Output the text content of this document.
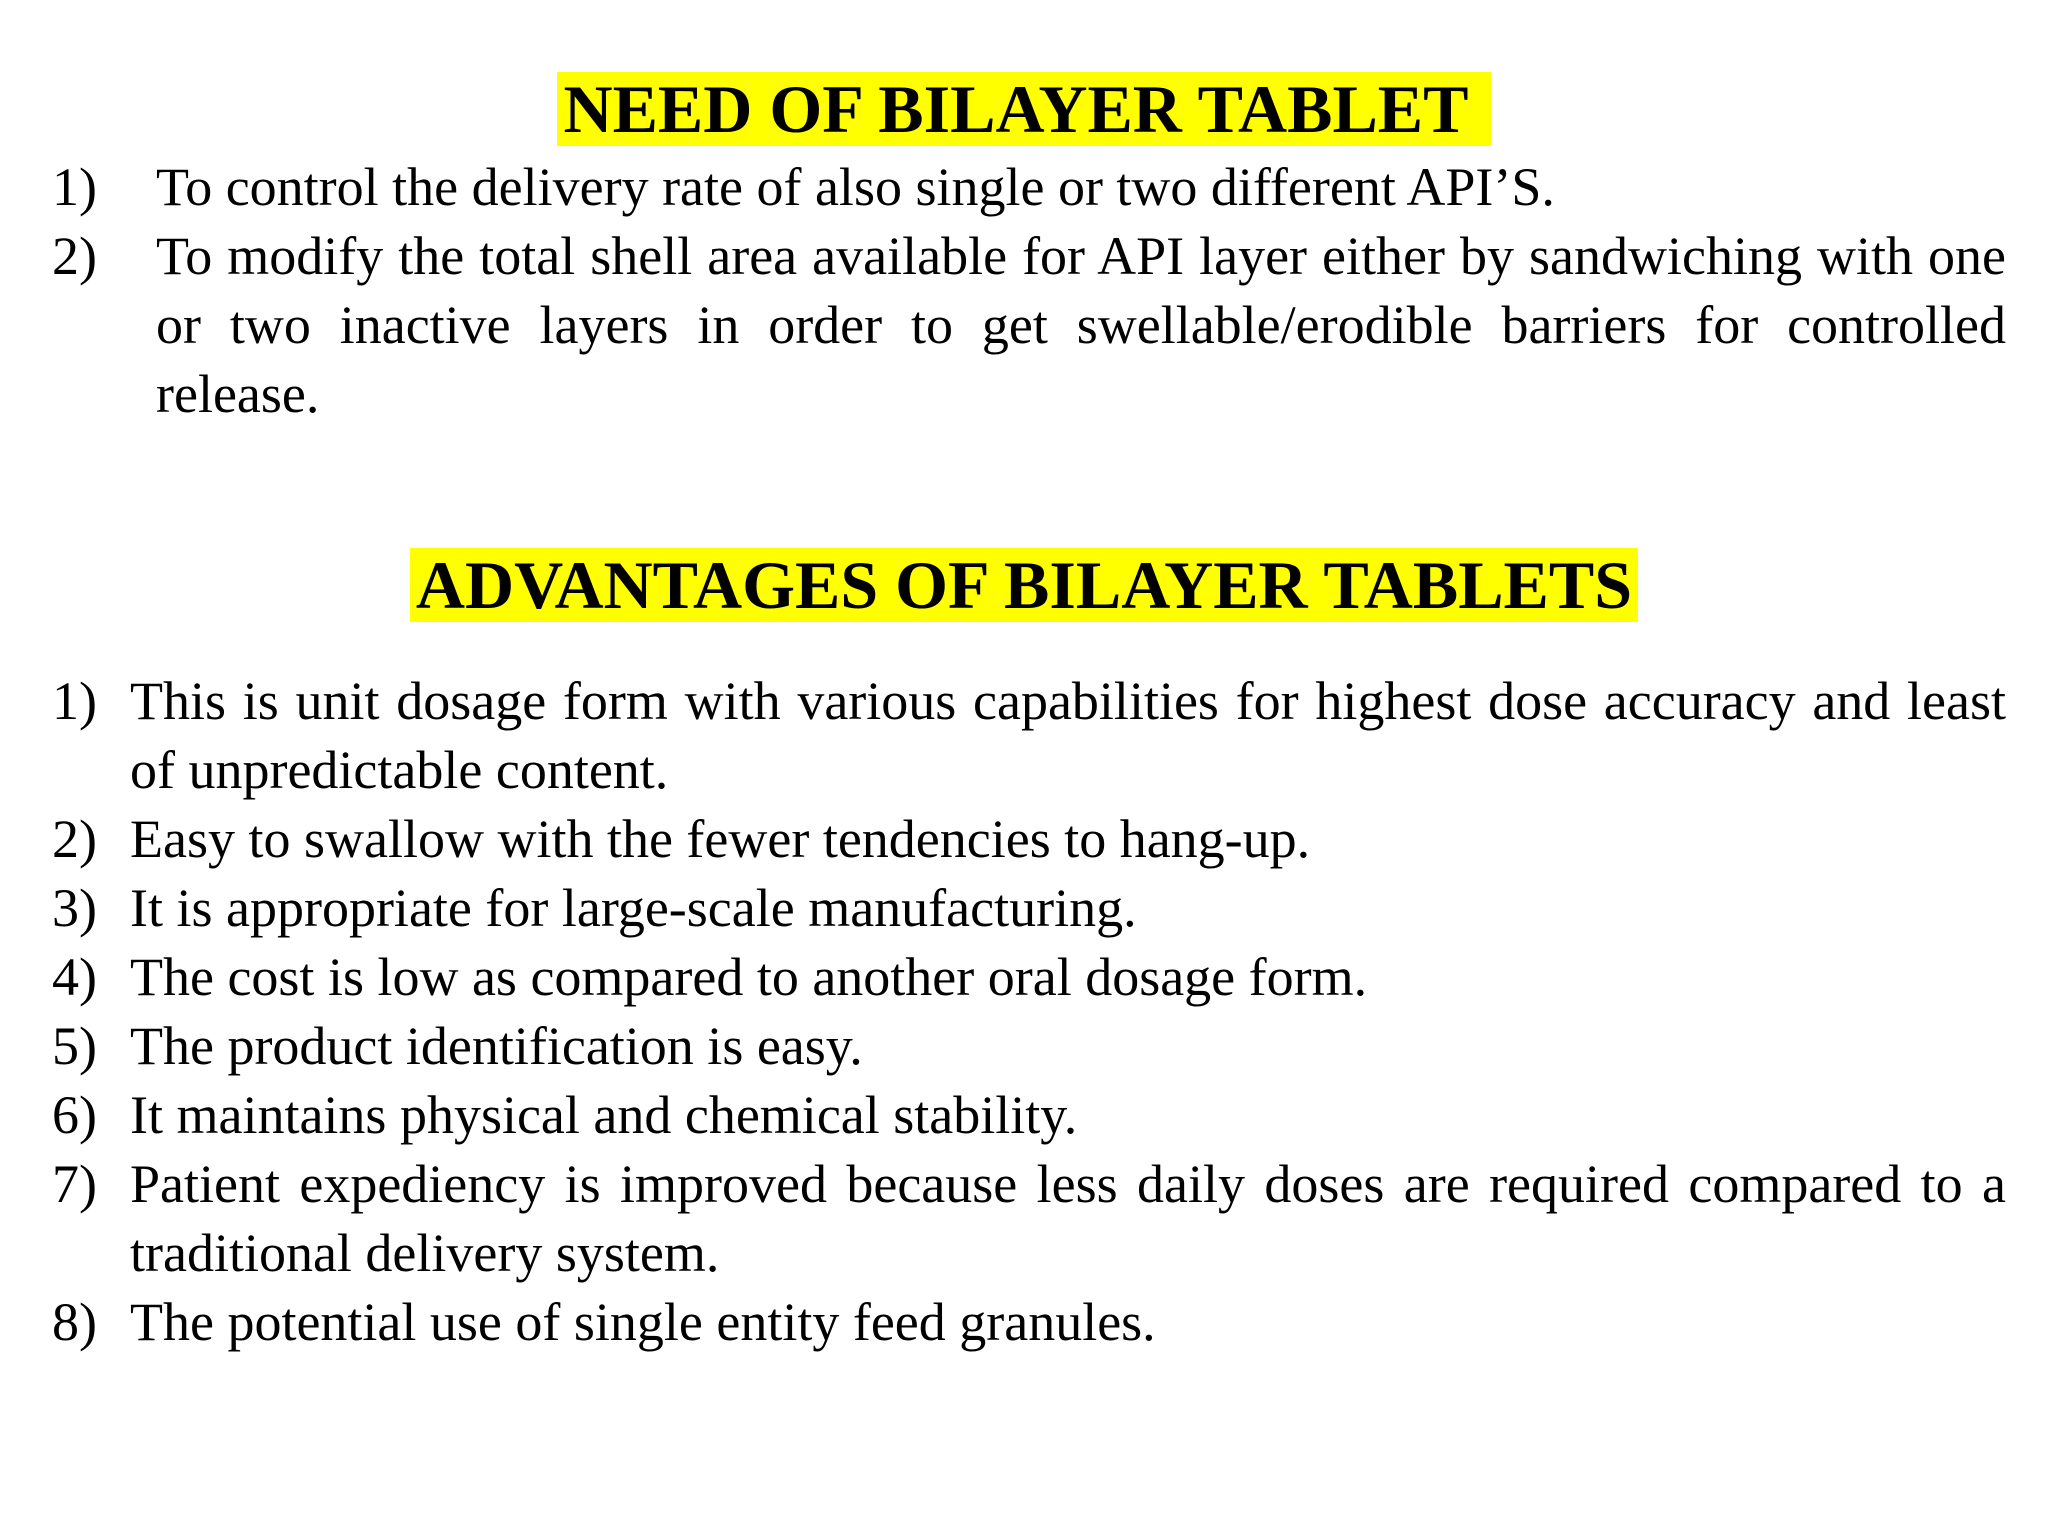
NEED OF BILAYER TABLET
1) To control the delivery rate of also single or two different API’S.
2) To modify the total shell area available for API layer either by sandwiching with one or two inactive layers in order to get swellable/erodible barriers for controlled release.
ADVANTAGES OF BILAYER TABLETS
1) This is unit dosage form with various capabilities for highest dose accuracy and least of unpredictable content.
2) Easy to swallow with the fewer tendencies to hang-up.
3) It is appropriate for large-scale manufacturing.
4) The cost is low as compared to another oral dosage form.
5) The product identification is easy.
6) It maintains physical and chemical stability.
7) Patient expediency is improved because less daily doses are required compared to a traditional delivery system.
8) The potential use of single entity feed granules.
